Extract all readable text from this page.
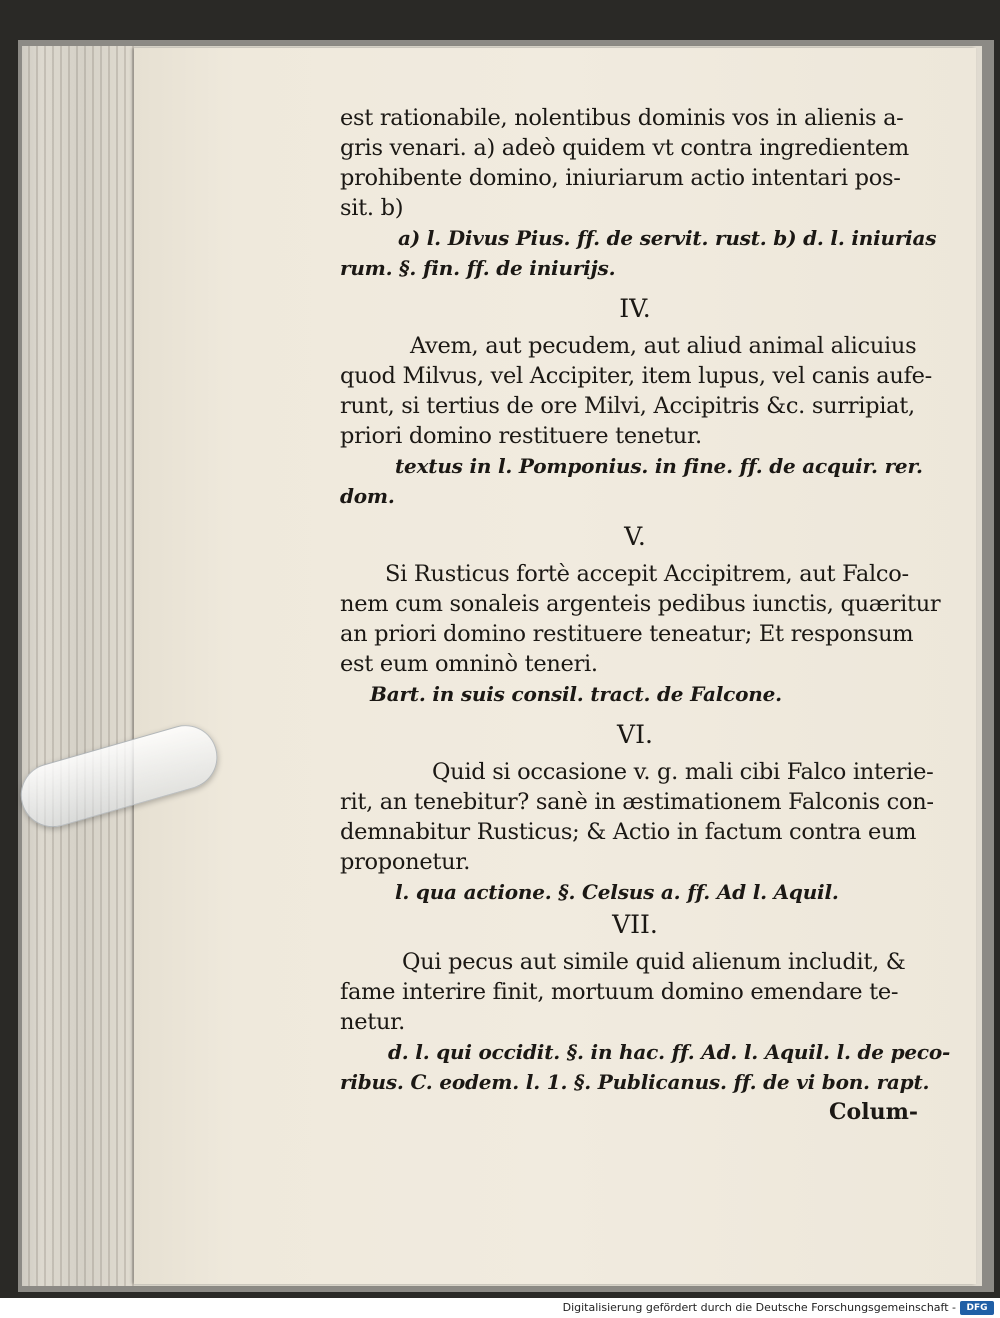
est rationabile, nolentibus dominis vos in alienis a-
gris venari. a) adeò quidem vt contra ingredientem
prohibente domino, iniuriarum actio intentari pos-
sit. b)
a) l. Divus Pius. ff. de servit. rust. b) d. l. iniurias
rum. §. fin. ff. de iniurijs.
IV.
Avem, aut pecudem, aut aliud animal alicuius
quod Milvus, vel Accipiter, item lupus, vel canis aufe-
runt, si tertius de ore Milvi, Accipitris &c. surripiat,
priori domino restituere tenetur.
textus in l. Pomponius. in fine. ff. de acquir. rer.
dom.
V.
Si Rusticus fortè accepit Accipitrem, aut Falco-
nem cum sonaleis argenteis pedibus iunctis, quæritur
an priori domino restituere teneatur; Et responsum
est eum omninò teneri.
Bart. in suis consil. tract. de Falcone.
VI.
Quid si occasione v. g. mali cibi Falco interie-
rit, an tenebitur? sanè in æstimationem Falconis con-
demnabitur Rusticus; & Actio in factum contra eum
proponetur.
l. qua actione. §. Celsus a. ff. Ad l. Aquil.
VII.
Qui pecus aut simile quid alienum includit, &
fame interire finit, mortuum domino emendare te-
netur.
d. l. qui occidit. §. in hac. ff. Ad. l. Aquil. l. de peco-
ribus. C. eodem. l. 1. §. Publicanus. ff. de vi bon. rapt.
Colum-
Digitalisierung gefördert durch die Deutsche Forschungsgemeinschaft -	DFG
